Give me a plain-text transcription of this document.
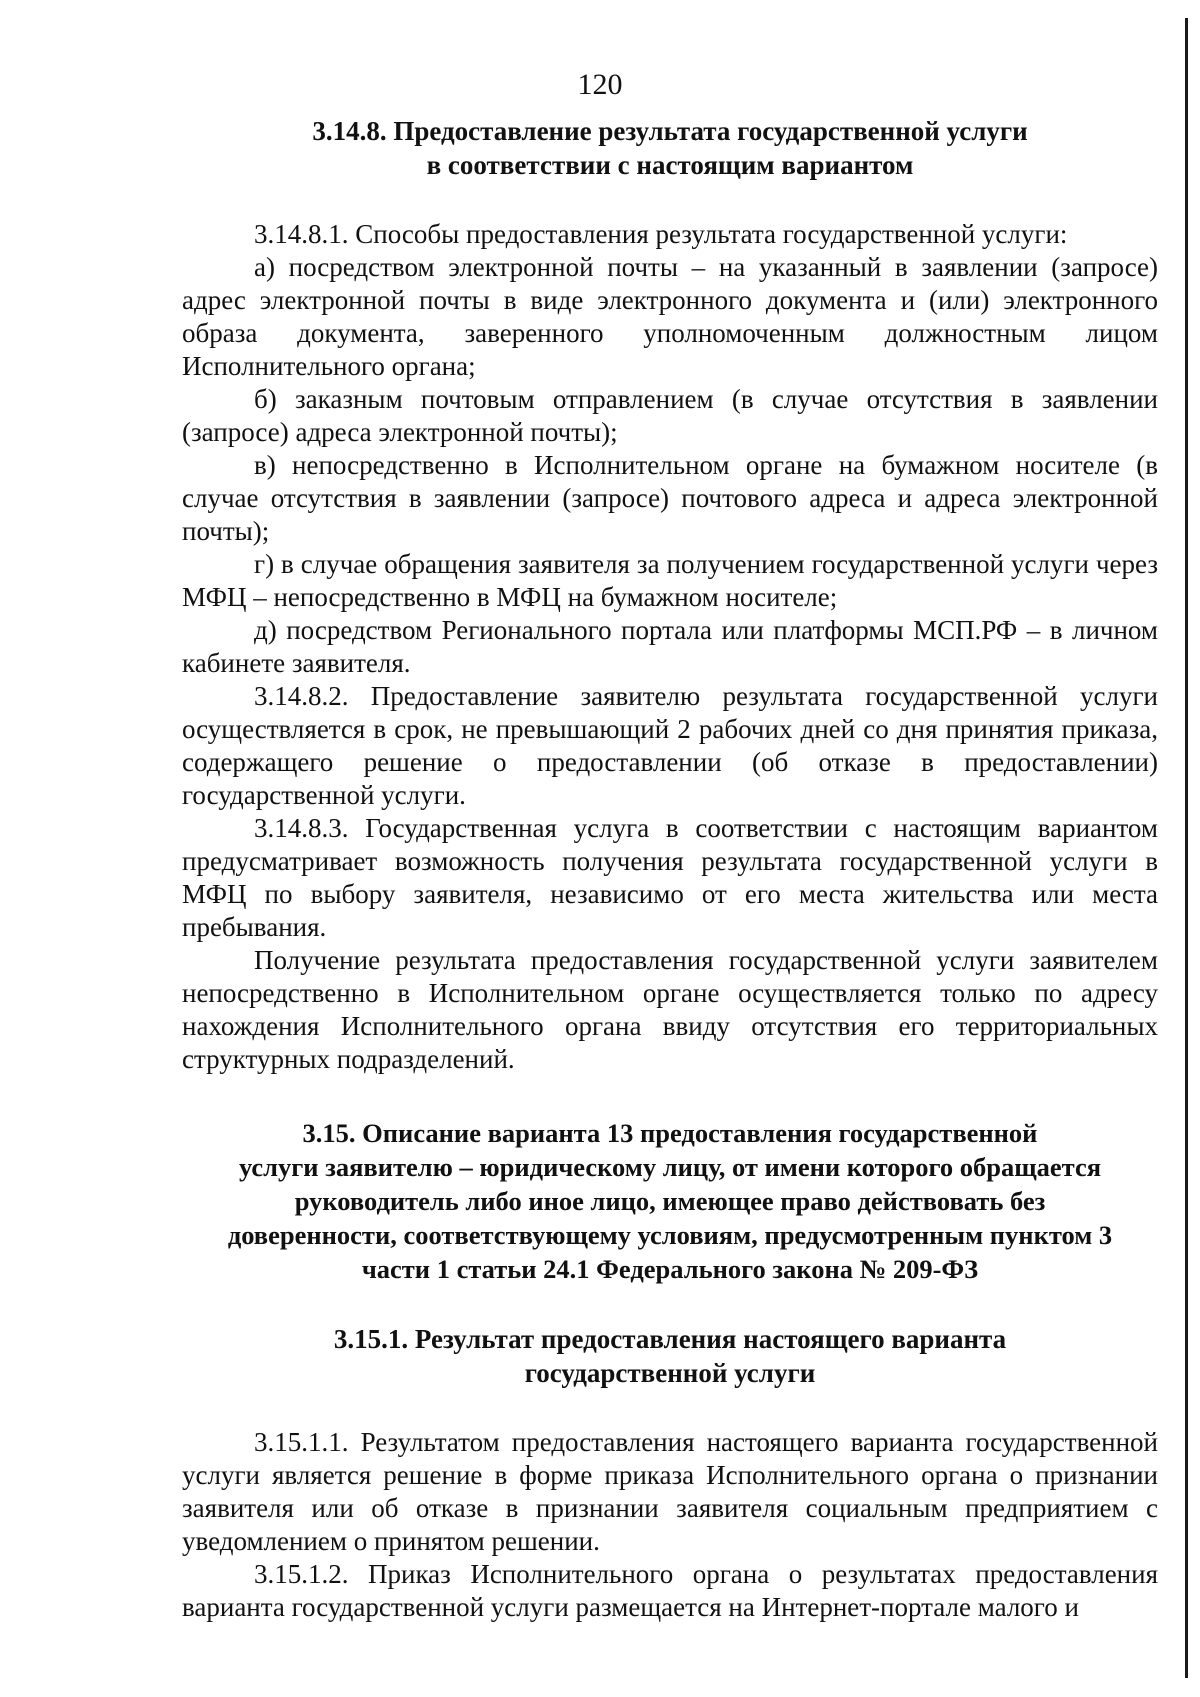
120
3.14.8. Предоставление результата государственной услуги
в соответствии с настоящим вариантом

3.14.8.1. Способы предоставления результата государственной услуги:

а) посредством электронной почты – на указанный в заявлении (запросе) адрес электронной почты в виде электронного документа и (или) электронного образа документа, заверенного уполномоченным должностным лицом Исполнительного органа;

б) заказным почтовым отправлением (в случае отсутствия в заявлении (запросе) адреса электронной почты);

в) непосредственно в Исполнительном органе на бумажном носителе (в случае отсутствия в заявлении (запросе) почтового адреса и адреса электронной почты);

г) в случае обращения заявителя за получением государственной услуги через МФЦ – непосредственно в МФЦ на бумажном носителе;

д) посредством Регионального портала или платформы МСП.РФ – в личном кабинете заявителя.

3.14.8.2. Предоставление заявителю результата государственной услуги осуществляется в срок, не превышающий 2 рабочих дней со дня принятия приказа, содержащего решение о предоставлении (об отказе в предоставлении) государственной услуги.

3.14.8.3. Государственная услуга в соответствии с настоящим вариантом предусматривает возможность получения результата государственной услуги в МФЦ по выбору заявителя, независимо от его места жительства или места пребывания.

Получение результата предоставления государственной услуги заявителем непосредственно в Исполнительном органе осуществляется только по адресу нахождения Исполнительного органа ввиду отсутствия его территориальных структурных подразделений.

3.15. Описание варианта 13 предоставления государственной
услуги заявителю – юридическому лицу, от имени которого обращается
руководитель либо иное лицо, имеющее право действовать без
доверенности, соответствующему условиям, предусмотренным пунктом 3
части 1 статьи 24.1 Федерального закона № 209-ФЗ
3.15.1. Результат предоставления настоящего варианта
государственной услуги

3.15.1.1. Результатом предоставления настоящего варианта государственной услуги является решение в форме приказа Исполнительного органа о признании заявителя или об отказе в признании заявителя социальным предприятием с уведомлением о принятом решении.

3.15.1.2. Приказ Исполнительного органа о результатах предоставления варианта государственной услуги размещается на Интернет-портале малого и
